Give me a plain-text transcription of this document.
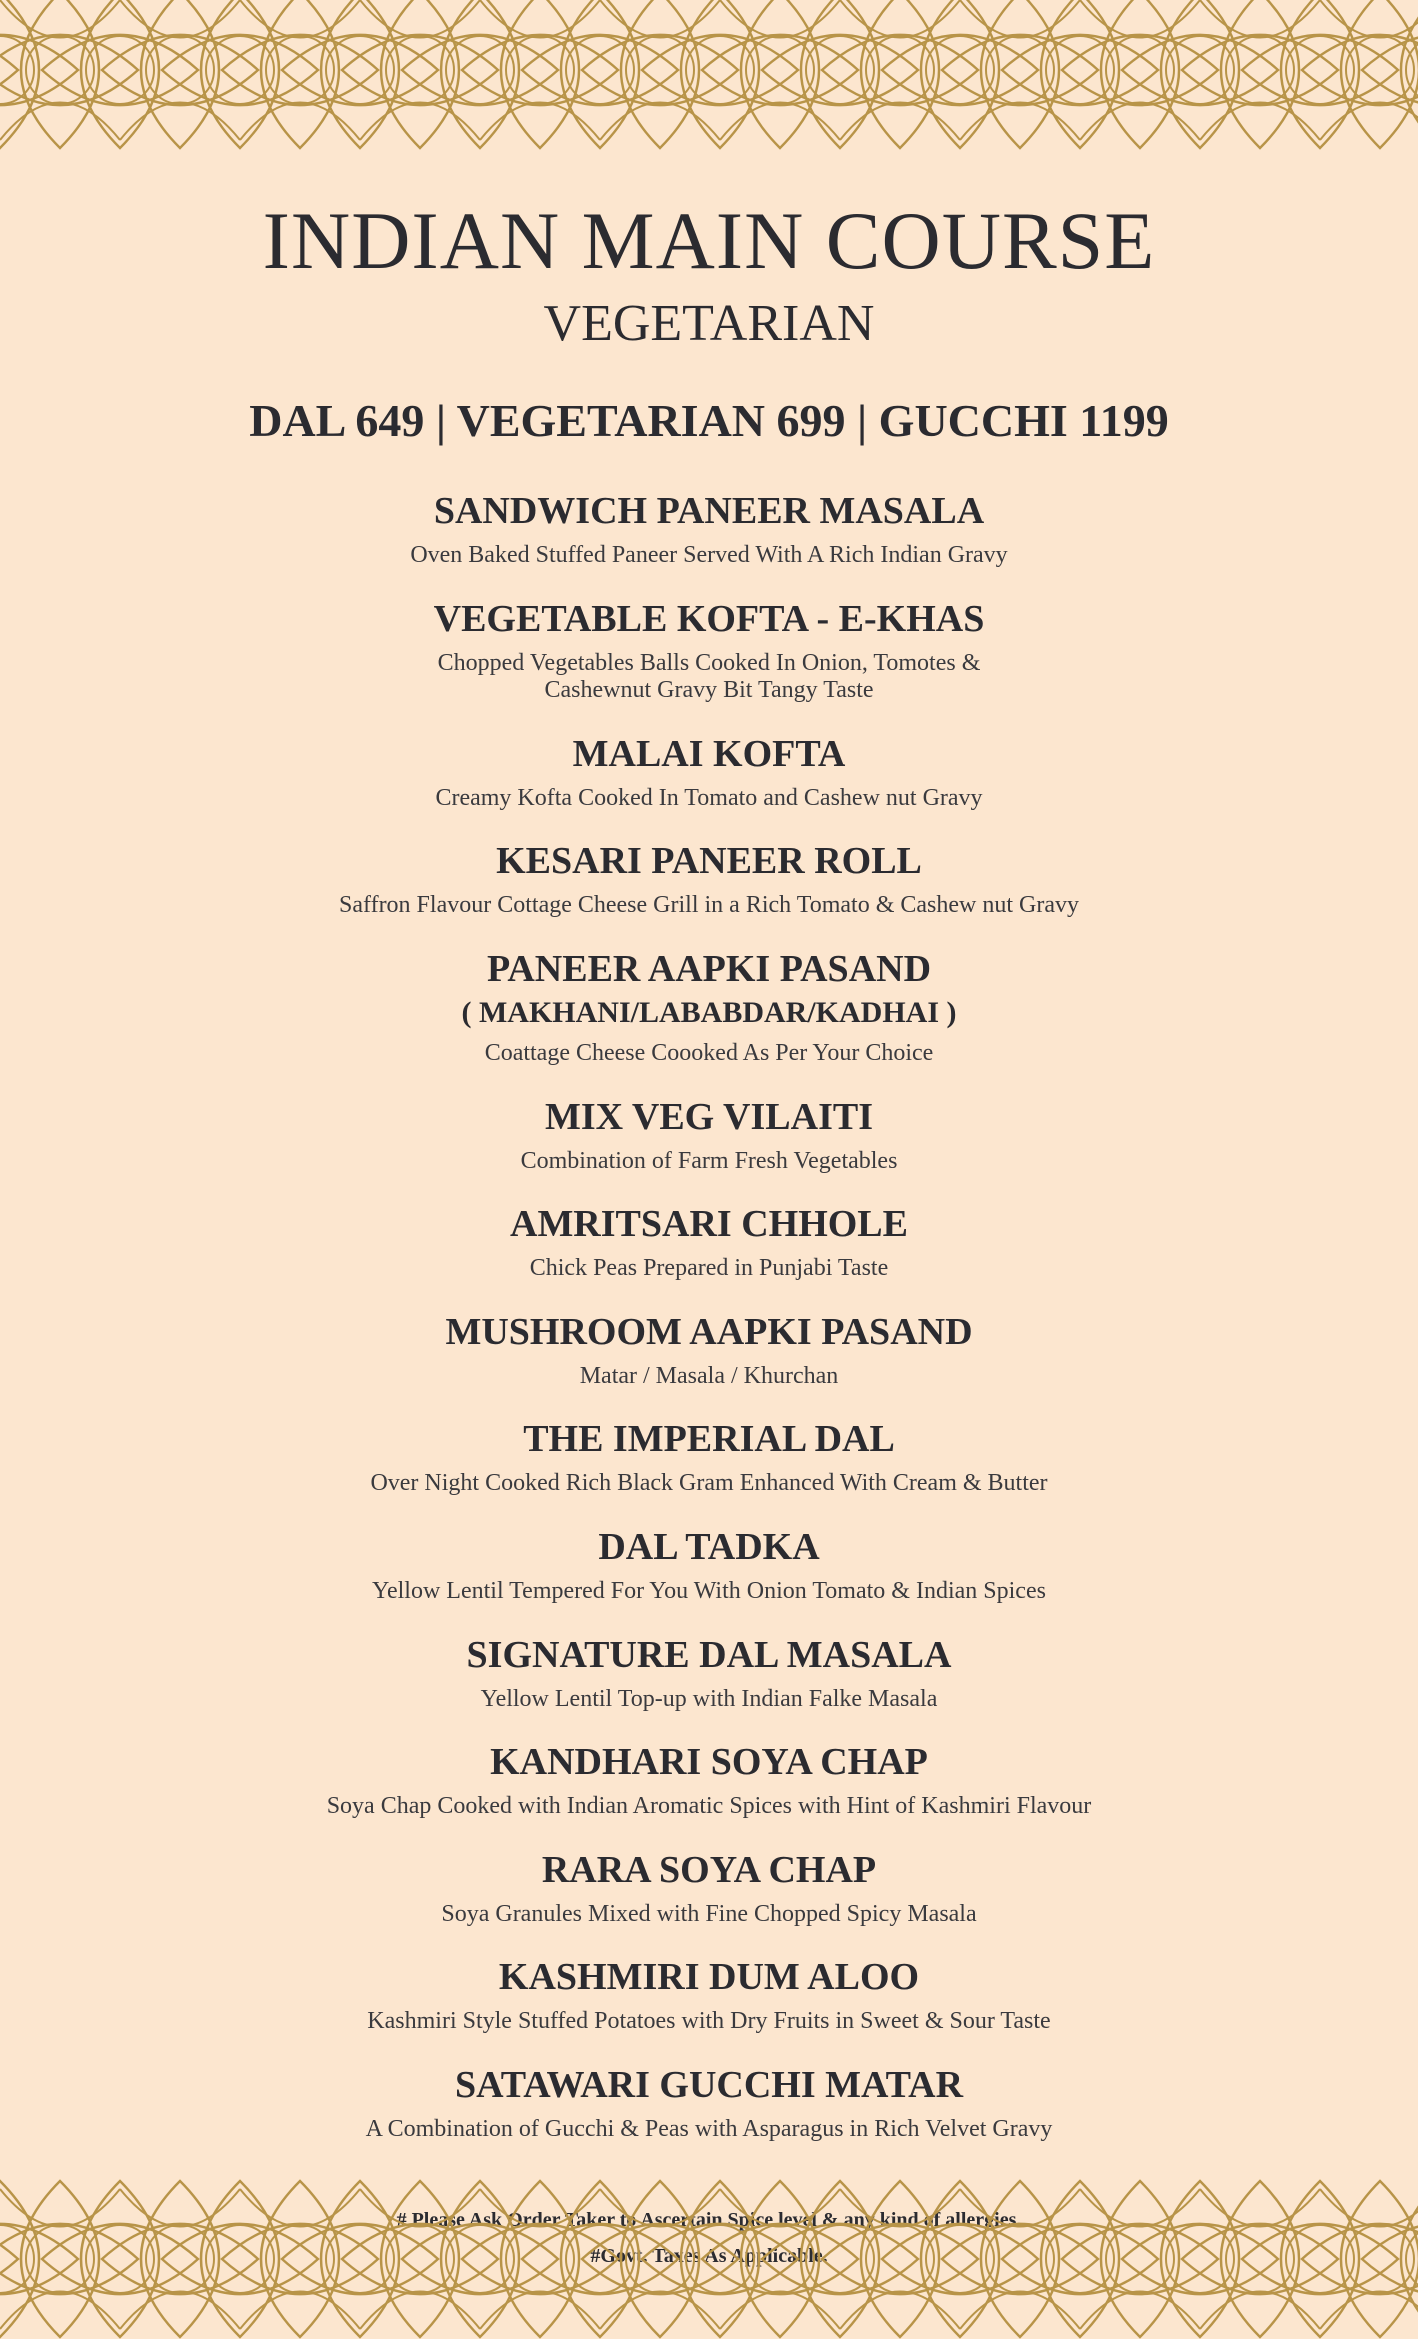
INDIAN MAIN COURSE
VEGETARIAN
DAL 649 | VEGETARIAN 699 | GUCCHI 1199
SANDWICH PANEER MASALA
Oven Baked Stuffed Paneer Served With A Rich Indian Gravy
VEGETABLE KOFTA - E-KHAS
Chopped Vegetables Balls Cooked In Onion, Tomotes &
Cashewnut Gravy Bit Tangy Taste
MALAI KOFTA
Creamy Kofta Cooked In Tomato and Cashew nut Gravy
KESARI PANEER ROLL
Saffron Flavour Cottage Cheese Grill in a Rich Tomato & Cashew nut Gravy
PANEER AAPKI PASAND
( MAKHANI/LABABDAR/KADHAI )
Coattage Cheese Coooked As Per Your Choice
MIX VEG VILAITI
Combination of Farm Fresh Vegetables
AMRITSARI CHHOLE
Chick Peas Prepared in Punjabi Taste
MUSHROOM AAPKI PASAND
Matar / Masala / Khurchan
THE IMPERIAL DAL
Over Night Cooked Rich Black Gram Enhanced With Cream & Butter
DAL TADKA
Yellow Lentil Tempered For You With Onion Tomato & Indian Spices
SIGNATURE DAL MASALA
Yellow Lentil Top-up with Indian Falke Masala
KANDHARI SOYA CHAP
Soya Chap Cooked with Indian Aromatic Spices with Hint of Kashmiri Flavour
RARA SOYA CHAP
Soya Granules Mixed with Fine Chopped Spicy Masala
KASHMIRI DUM ALOO
Kashmiri Style Stuffed Potatoes with Dry Fruits in Sweet & Sour Taste
SATAWARI GUCCHI MATAR
A Combination of Gucchi & Peas with Asparagus in Rich Velvet Gravy
# Please Ask Order Taker to Ascertain Spice level & any kind of allergies.
#Govt. Taxes As Applicable.
